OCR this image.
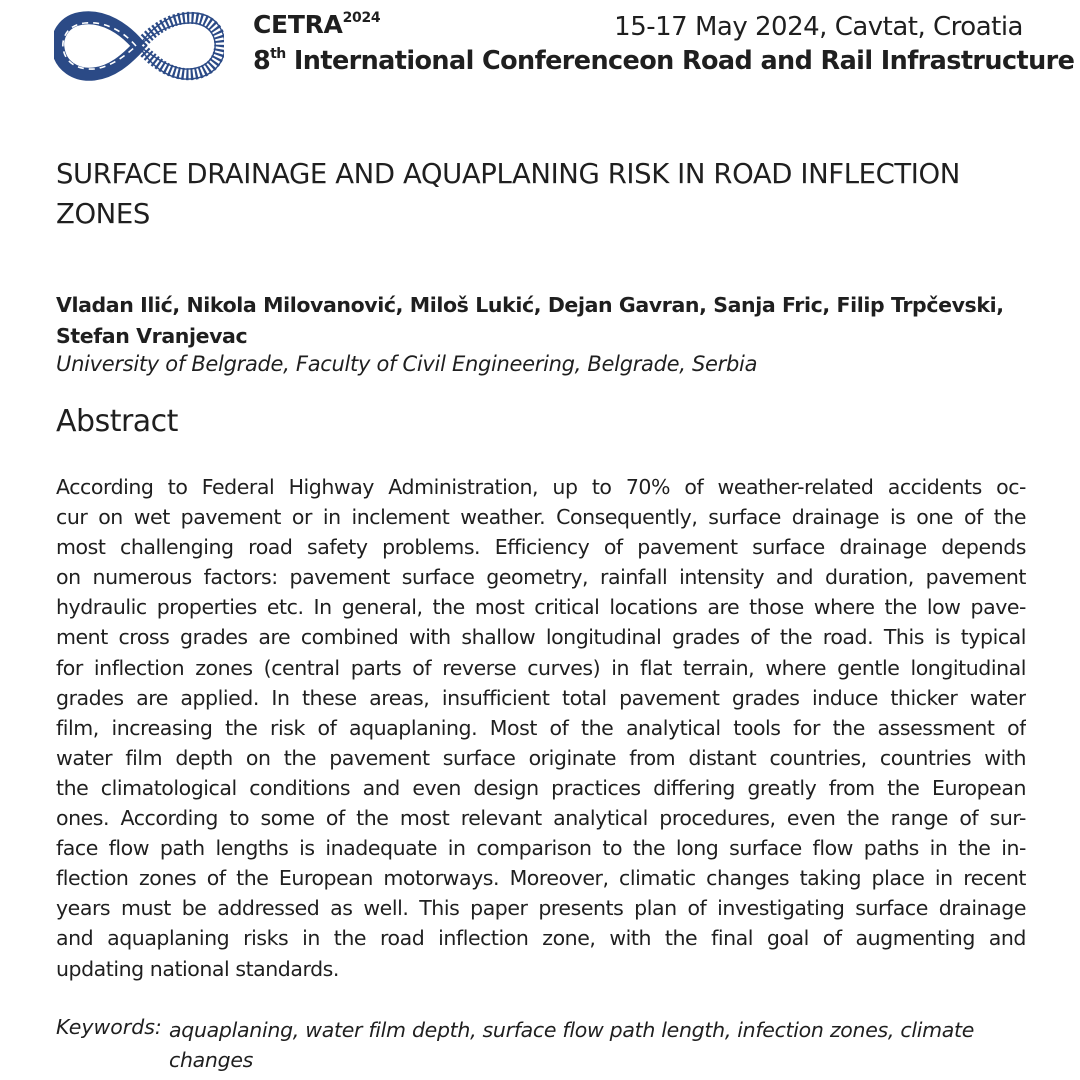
$CETRA^{2024}$	15-17 May 2024, Cavtat, Croatia
8th International Conferenceon Road and Rail Infrastructure
SURFACE DRAINAGE AND AQUAPLANING RISK IN ROAD INFLECTION ZONES
Vladan Ilić, Nikola Milovanović, Miloš Lukić, Dejan Gavran, Sanja Fric, Filip Trpčevski, Stefan Vranjevac
University of Belgrade, Faculty of Civil Engineering, Belgrade, Serbia
Abstract
According to Federal Highway Administration, up to 70% of weather-related accidents oc-
cur on wet pavement or in inclement weather. Consequently, surface drainage is one of the
most challenging road safety problems. Efficiency of pavement surface drainage depends
on numerous factors: pavement surface geometry, rainfall intensity and duration, pavement
hydraulic properties etc. In general, the most critical locations are those where the low pave-
ment cross grades are combined with shallow longitudinal grades of the road. This is typical
for inflection zones (central parts of reverse curves) in flat terrain, where gentle longitudinal
grades are applied. In these areas, insufficient total pavement grades induce thicker water
film, increasing the risk of aquaplaning. Most of the analytical tools for the assessment of
water film depth on the pavement surface originate from distant countries, countries with
the climatological conditions and even design practices differing greatly from the European
ones. According to some of the most relevant analytical procedures, even the range of sur-
face flow path lengths is inadequate in comparison to the long surface flow paths in the in-
flection zones of the European motorways. Moreover, climatic changes taking place in recent
years must be addressed as well. This paper presents plan of investigating surface drainage
and aquaplaning risks in the road inflection zone, with the final goal of augmenting and
updating national standards.
Keywords: aquaplaning, water film depth, surface flow path length, infection zones, climate changes
